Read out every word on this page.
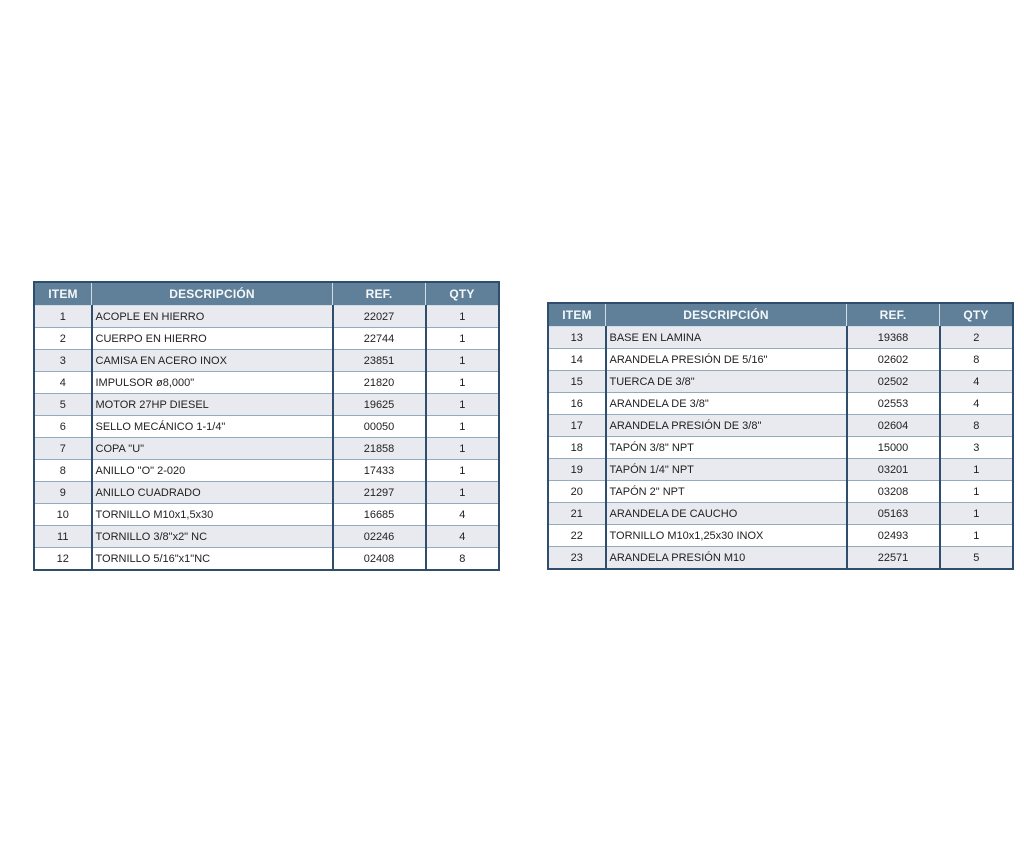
ITEM	DESCRIPCIÓN	REF.	QTY
1	ACOPLE EN HIERRO	22027	1
2	CUERPO EN HIERRO	22744	1
3	CAMISA EN ACERO INOX	23851	1
4	IMPULSOR ø8,000"	21820	1
5	MOTOR 27HP DIESEL	19625	1
6	SELLO MECÁNICO 1-1/4"	00050	1
7	COPA "U"	21858	1
8	ANILLO "O" 2-020	17433	1
9	ANILLO CUADRADO	21297	1
10	TORNILLO M10x1,5x30	16685	4
11	TORNILLO 3/8"x2" NC	02246	4
12	TORNILLO 5/16"x1"NC	02408	8
ITEM	DESCRIPCIÓN	REF.	QTY
13	BASE EN LAMINA	19368	2
14	ARANDELA PRESIÓN DE 5/16"	02602	8
15	TUERCA DE 3/8"	02502	4
16	ARANDELA DE 3/8"	02553	4
17	ARANDELA PRESIÓN DE 3/8"	02604	8
18	TAPÓN 3/8" NPT	15000	3
19	TAPÓN 1/4" NPT	03201	1
20	TAPÓN 2" NPT	03208	1
21	ARANDELA DE CAUCHO	05163	1
22	TORNILLO M10x1,25x30 INOX	02493	1
23	ARANDELA PRESIÓN M10	22571	5
